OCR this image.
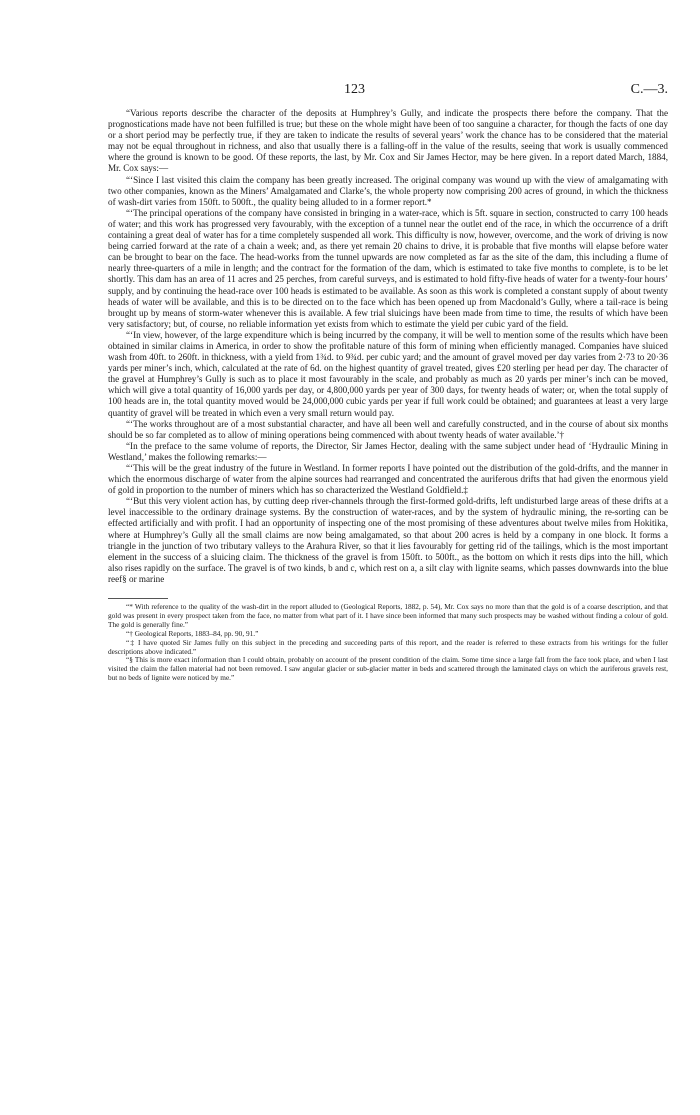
123	C.—3.

“Various reports describe the character of the deposits at Humphrey’s Gully, and indicate the prospects there before the company. That the prognostications made have not been fulfilled is true; but these on the whole might have been of too sanguine a character, for though the facts of one day or a short period may be perfectly true, if they are taken to indicate the results of several years’ work the chance has to be considered that the material may not be equal throughout in richness, and also that usually there is a falling-off in the value of the results, seeing that work is usually commenced where the ground is known to be good. Of these reports, the last, by Mr. Cox and Sir James Hector, may be here given. In a report dated March, 1884, Mr. Cox says:—

“‘Since I last visited this claim the company has been greatly increased. The original company was wound up with the view of amalgamating with two other companies, known as the Miners’ Amalgamated and Clarke’s, the whole property now comprising 200 acres of ground, in which the thickness of wash-dirt varies from 150ft. to 500ft., the quality being alluded to in a former report.*

“‘The principal operations of the company have consisted in bringing in a water-race, which is 5ft. square in section, constructed to carry 100 heads of water; and this work has progressed very favourably, with the exception of a tunnel near the outlet end of the race, in which the occurrence of a drift containing a great deal of water has for a time completely suspended all work. This difficulty is now, however, overcome, and the work of driving is now being carried forward at the rate of a chain a week; and, as there yet remain 20 chains to drive, it is probable that five months will elapse before water can be brought to bear on the face. The head-works from the tunnel upwards are now completed as far as the site of the dam, this including a flume of nearly three-quarters of a mile in length; and the contract for the formation of the dam, which is estimated to take five months to complete, is to be let shortly. This dam has an area of 11 acres and 25 perches, from careful surveys, and is estimated to hold fifty-five heads of water for a twenty-four hours’ supply, and by continuing the head-race over 100 heads is estimated to be available. As soon as this work is completed a constant supply of about twenty heads of water will be available, and this is to be directed on to the face which has been opened up from Macdonald’s Gully, where a tail-race is being brought up by means of storm-water whenever this is available. A few trial sluicings have been made from time to time, the results of which have been very satisfactory; but, of course, no reliable information yet exists from which to estimate the yield per cubic yard of the field.

“‘In view, however, of the large expenditure which is being incurred by the company, it will be well to mention some of the results which have been obtained in similar claims in America, in order to show the profitable nature of this form of mining when efficiently managed. Companies have sluiced wash from 40ft. to 260ft. in thickness, with a yield from 1¾d. to 9¾d. per cubic yard; and the amount of gravel moved per day varies from 2·73 to 20·36 yards per miner’s inch, which, calculated at the rate of 6d. on the highest quantity of gravel treated, gives £20 sterling per head per day. The character of the gravel at Humphrey’s Gully is such as to place it most favourably in the scale, and probably as much as 20 yards per miner’s inch can be moved, which will give a total quantity of 16,000 yards per day, or 4,800,000 yards per year of 300 days, for twenty heads of water; or, when the total supply of 100 heads are in, the total quantity moved would be 24,000,000 cubic yards per year if full work could be obtained; and guarantees at least a very large quantity of gravel will be treated in which even a very small return would pay.

“‘The works throughout are of a most substantial character, and have all been well and carefully constructed, and in the course of about six months should be so far completed as to allow of mining operations being commenced with about twenty heads of water available.’†

“In the preface to the same volume of reports, the Director, Sir James Hector, dealing with the same subject under head of ‘Hydraulic Mining in Westland,’ makes the following remarks:—

“‘This will be the great industry of the future in Westland. In former reports I have pointed out the distribution of the gold-drifts, and the manner in which the enormous discharge of water from the alpine sources had rearranged and concentrated the auriferous drifts that had given the enormous yield of gold in proportion to the number of miners which has so characterized the Westland Goldfield.‡

“‘But this very violent action has, by cutting deep river-channels through the first-formed gold-drifts, left undisturbed large areas of these drifts at a level inaccessible to the ordinary drainage systems. By the construction of water-races, and by the system of hydraulic mining, the re-sorting can be effected artificially and with profit. I had an opportunity of inspecting one of the most promising of these adventures about twelve miles from Hokitika, where at Humphrey’s Gully all the small claims are now being amalgamated, so that about 200 acres is held by a company in one block. It forms a triangle in the junction of two tributary valleys to the Arahura River, so that it lies favourably for getting rid of the tailings, which is the most important element in the success of a sluicing claim. The thickness of the gravel is from 150ft. to 500ft., as the bottom on which it rests dips into the hill, which also rises rapidly on the surface. The gravel is of two kinds, b and c, which rest on a, a silt clay with lignite seams, which passes downwards into the blue reef§ or marine

“* With reference to the quality of the wash-dirt in the report alluded to (Geological Reports, 1882, p. 54), Mr. Cox says no more than that the gold is of a coarse description, and that gold was present in every prospect taken from the face, no matter from what part of it. I have since been informed that many such prospects may be washed without finding a colour of gold. The gold is generally fine.”

“† Geological Reports, 1883–84, pp. 90, 91.”

“‡ I have quoted Sir James fully on this subject in the preceding and succeeding parts of this report, and the reader is referred to these extracts from his writings for the fuller descriptions above indicated.”

“§ This is more exact information than I could obtain, probably on account of the present condition of the claim. Some time since a large fall from the face took place, and when I last visited the claim the fallen material had not been removed. I saw angular glacier or sub-glacier matter in beds and scattered through the laminated clays on which the auriferous gravels rest, but no beds of lignite were noticed by me.”
